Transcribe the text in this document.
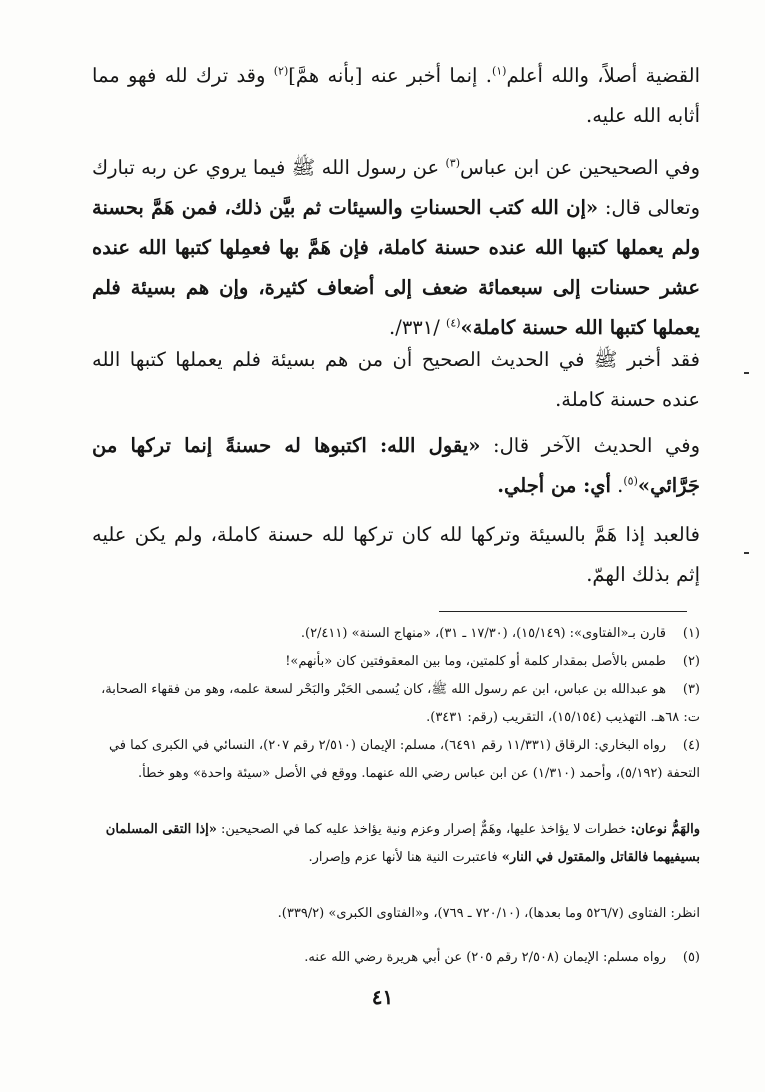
القضية أصلاً، والله أعلم$^{(١)}$. إنما أخبر عنه [بأنه همَّ]$^{(٢)}$ وقد ترك لله فهو مما أثابه الله عليه.

وفي الصحيحين عن ابن عباس$^{(٣)}$ عن رسول الله ﷺ فيما يروي عن ربه تبارك وتعالى قال: «إن الله كتب الحسناتِ والسيئات ثم بيَّن ذلك، فمن هَمَّ بحسنة ولم يعملها كتبها الله عنده حسنة كاملة، فإن هَمَّ بها فعمِلها كتبها الله عنده عشر حسنات إلى سبعمائة ضعف إلى أضعاف كثيرة، وإن هم بسيئة فلم يعملها كتبها الله حسنة كاملة»$^{(٤)}$ /٣٣١/.

فقد أخبر ﷺ في الحديث الصحيح أن من هم بسيئة فلم يعملها كتبها الله عنده حسنة كاملة.

وفي الحديث الآخر قال: «يقول الله: اكتبوها له حسنةً إنما تركها من جَرَّائي»$^{(٥)}$. أي: من أجلي.

فالعبد إذا هَمَّ بالسيئة وتركها لله كان تركها لله حسنة كاملة، ولم يكن عليه إثم بذلك الهمّ.

(١)قارن بـ«الفتاوى»: (١٥/١٤٩)، (١٧/٣٠ ـ ٣١)، «منهاج السنة» (٢/٤١١).

(٢)طمس بالأصل بمقدار كلمة أو كلمتين، وما بين المعقوفتين كان «بأنهم»!

(٣)هو عبدالله بن عباس، ابن عم رسول الله ﷺ، كان يُسمى الحَبْر والبَحْر لسعة علمه، وهو من فقهاء الصحابة، ت: ٦٨هـ. التهذيب (١٥/١٥٤)، التقريب (رقم: ٣٤٣١).

(٤)رواه البخاري: الرقاق (١١/٣٣١ رقم ٦٤٩١)، مسلم: الإيمان (٢/٥١٠ رقم ٢٠٧)، النسائي في الكبرى كما في التحفة (٥/١٩٢)، وأحمد (١/٣١٠) عن ابن عباس رضي الله عنهما. ووقع في الأصل «سيئة واحدة» وهو خطأ.

والهَمُّ نوعان: خطرات لا يؤاخذ عليها، وهَمٌّ إصرار وعزم ونية يؤاخذ عليه كما في الصحيحين: «إذا التقى المسلمان بسيفيهما فالقاتل والمقتول في النار» فاعتبرت النية هنا لأنها عزم وإصرار.

انظر: الفتاوى (٥٢٦/٧ وما بعدها)، (٧٢٠/١٠ ـ ٧٦٩)، و«الفتاوى الكبرى» (٣٣٩/٢).

(٥)رواه مسلم: الإيمان (٢/٥٠٨ رقم ٢٠٥) عن أبي هريرة رضي الله عنه.

٤١
